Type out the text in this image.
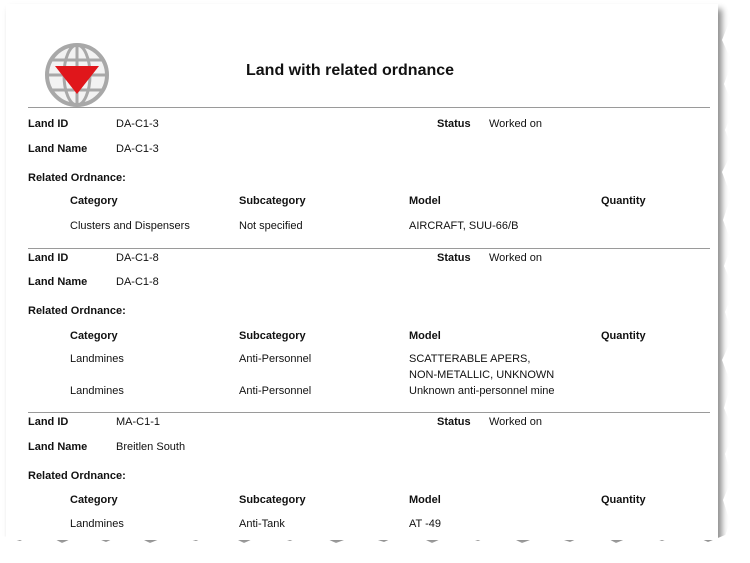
Land with related ordnance
Land ID	DA-C1-3	Status Worked on
Land Name	DA-C1-3
Related Ordnance:
Category	Subcategory	Model	Quantity
Clusters and Dispensers	Not specified	AIRCRAFT, SUU-66/B
Land ID	DA-C1-8	Status Worked on
Land Name	DA-C1-8
Related Ordnance:
Category	Subcategory	Model	Quantity
Landmines	Anti-Personnel	SCATTERABLE APERS,
NON-METALLIC, UNKNOWN
Landmines	Anti-Personnel	Unknown anti-personnel mine
Land ID	MA-C1-1	Status Worked on
Land Name	Breitlen South
Related Ordnance:
Category	Subcategory	Model	Quantity
Landmines	Anti-Tank	AT -49
